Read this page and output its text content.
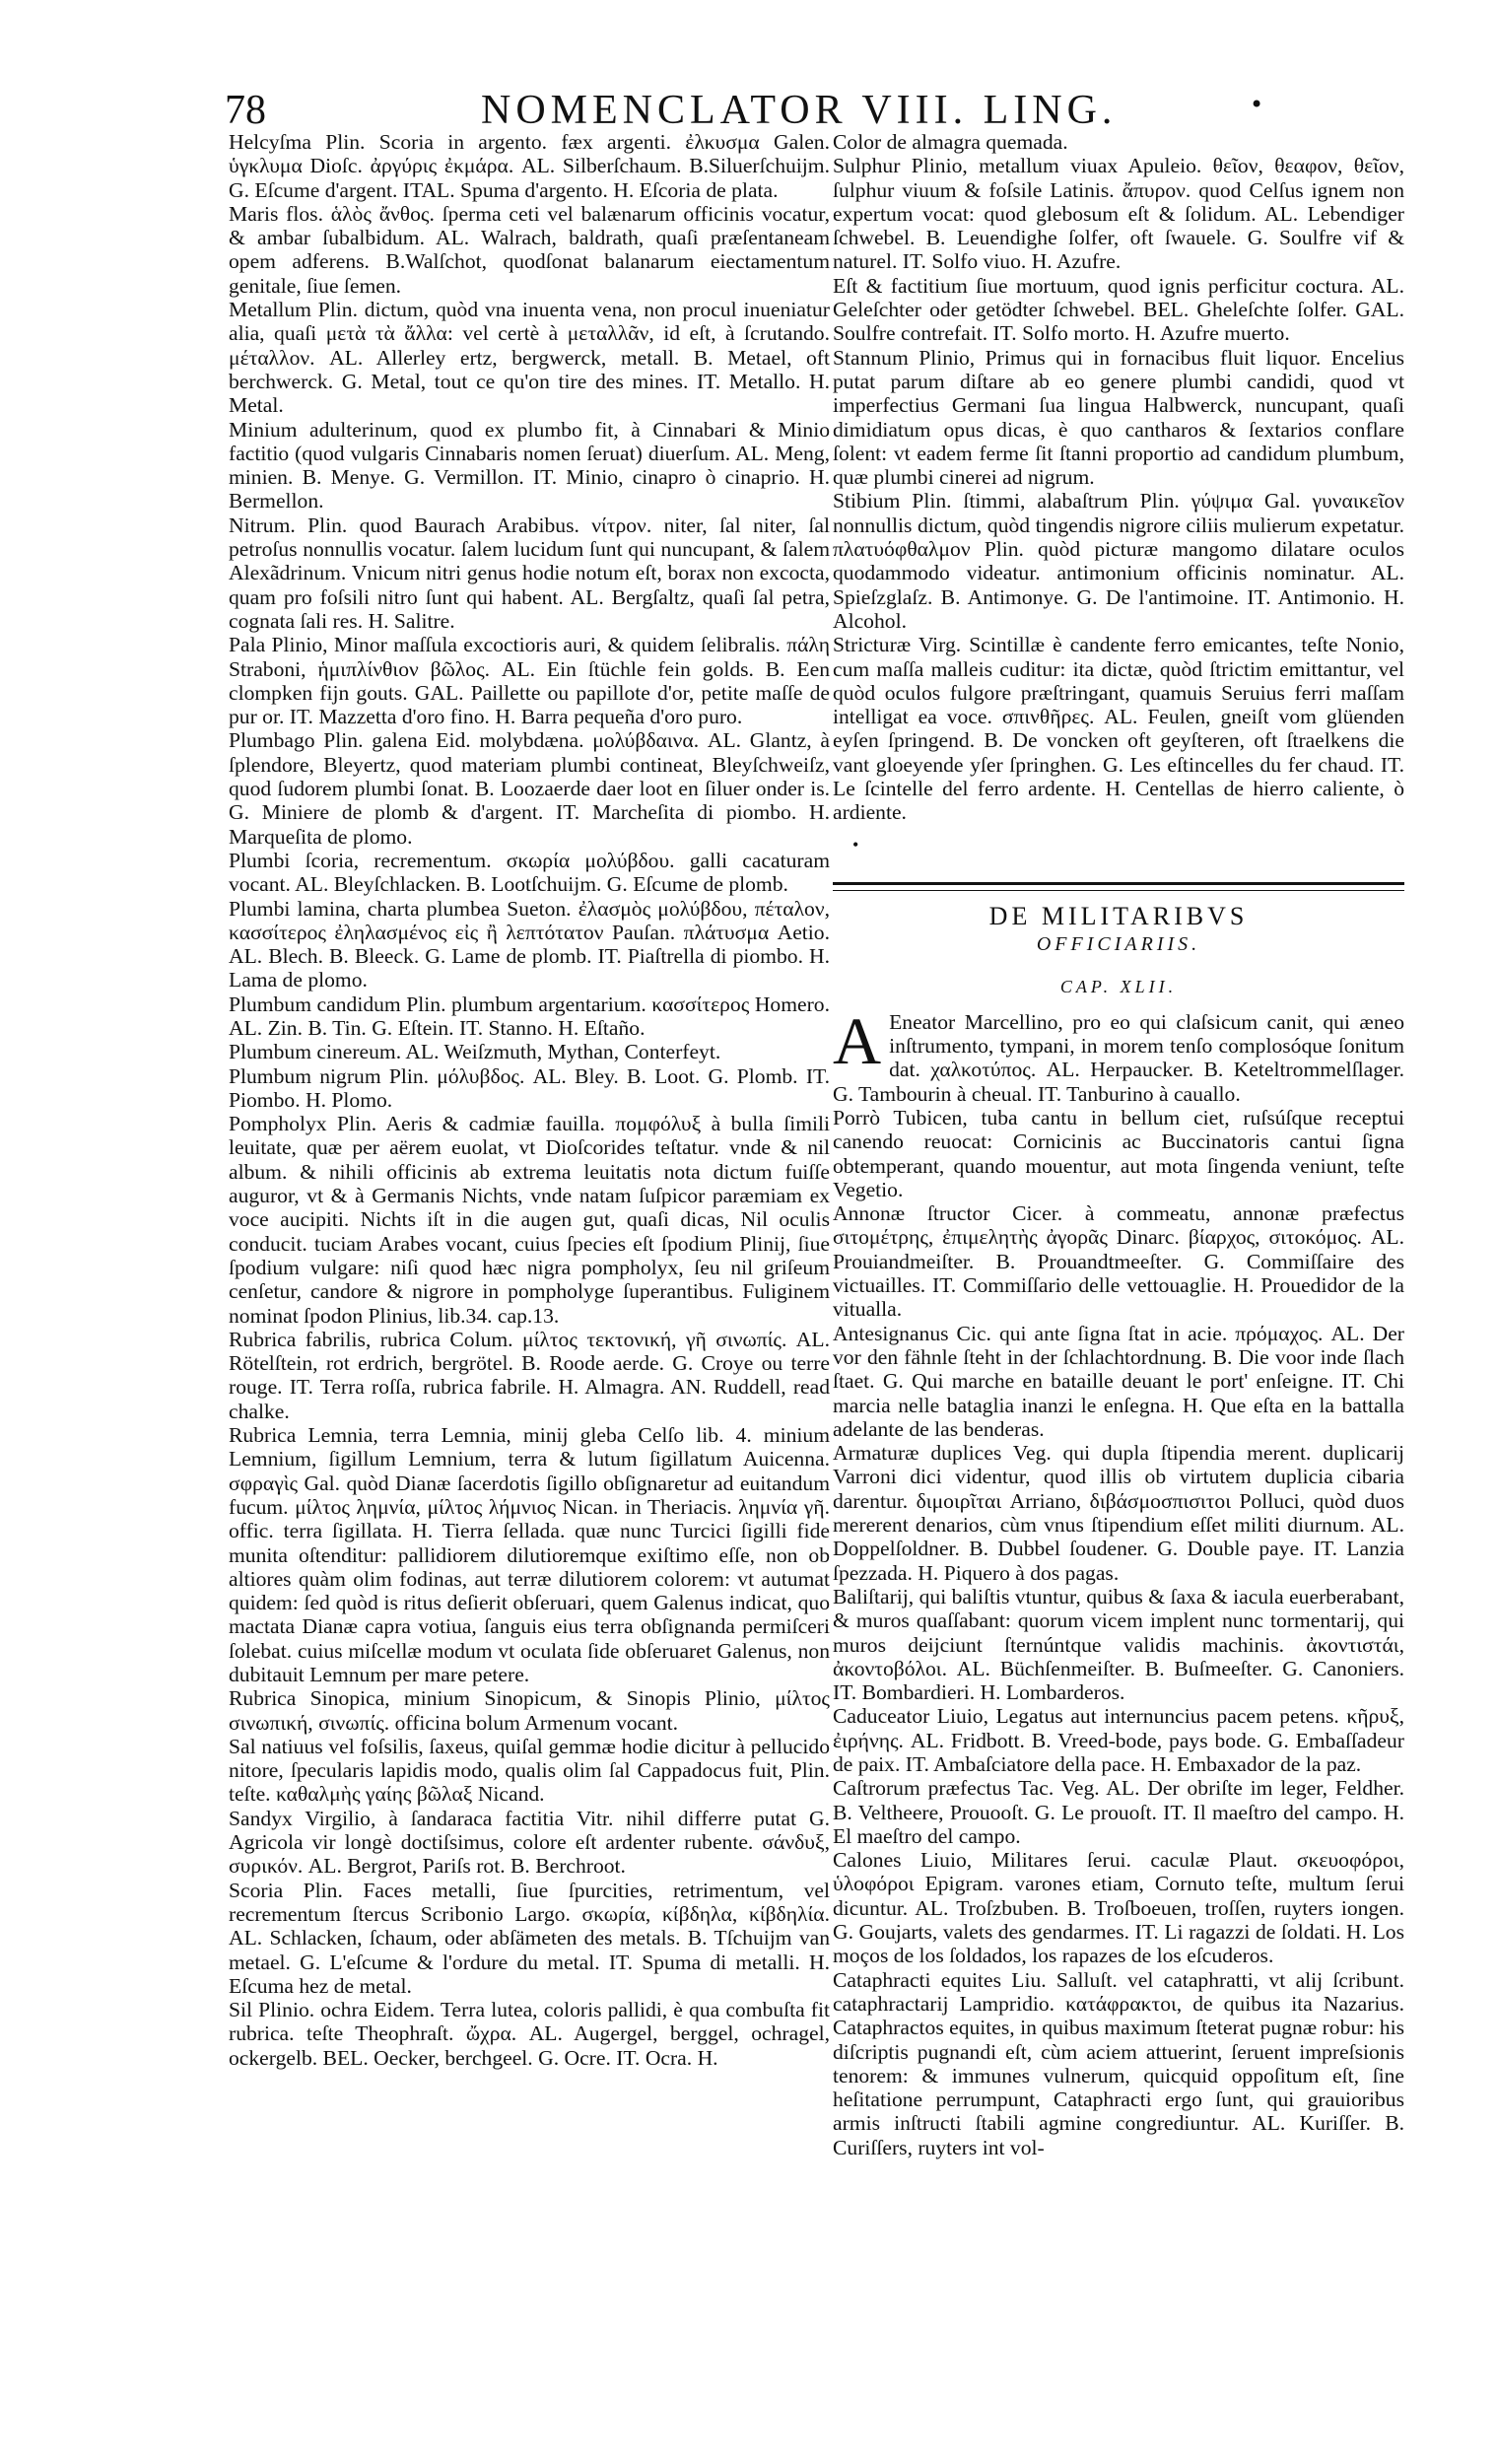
78	NOMENCLATOR VIII. LING.	•
Helcyſma Plin. Scoria in argento. fæx argenti. ἐλκυσμα Galen. ὑγκλυμα Dioſc. ἀργύρις ἐκμάρα. AL. Silberſchaum. B.Siluerſchuijm. G. Eſcume d'argent. ITAL. Spuma d'argento. H. Eſcoria de plata.
Maris flos. ἁλὸς ἄνθος. ſperma ceti vel balænarum officinis vocatur, & ambar ſubalbidum. AL. Walrach, baldrath, quaſi præſentaneam opem adferens. B.Walſchot, quodſonat balanarum eiectamentum genitale, ſiue ſemen.
Metallum Plin. dictum, quòd vna inuenta vena, non procul inueniatur alia, quaſi μετὰ τὰ ἄλλα: vel certè à μεταλλᾶν, id eſt, à ſcrutando. μέταλλον. AL. Allerley ertz, bergwerck, metall. B. Metael, oft berchwerck. G. Metal, tout ce qu'on tire des mines. IT. Metallo. H. Metal.
Minium adulterinum, quod ex plumbo fit, à Cinnabari & Minio factitio (quod vulgaris Cinnabaris nomen ſeruat) diuerſum. AL. Meng, minien. B. Menye. G. Vermillon. IT. Minio, cinapro ò cinaprio. H. Bermellon.
Nitrum. Plin. quod Baurach Arabibus. νίτρον. niter, ſal niter, ſal petroſus nonnullis vocatur. ſalem lucidum ſunt qui nuncupant, & ſalem Alexãdrinum. Vnicum nitri genus hodie notum eſt, borax non excocta, quam pro foſsili nitro ſunt qui habent. AL. Bergſaltz, quaſi ſal petra, cognata ſali res. H. Salitre.
Pala Plinio, Minor maſſula excoctioris auri, & quidem ſelibralis. πάλη Straboni, ἡμιπλίνθιον βῶλος. AL. Ein ſtüchle fein golds. B. Een clompken fijn gouts. GAL. Paillette ou papillote d'or, petite maſſe de pur or. IT. Mazzetta d'oro fino. H. Barra pequeña d'oro puro.
Plumbago Plin. galena Eid. molybdæna. μολύβδαινα. AL. Glantz, à ſplendore, Bleyertz, quod materiam plumbi contineat, Bleyſchweiſz, quod ſudorem plumbi ſonat. B. Loozaerde daer loot en ſiluer onder is. G. Miniere de plomb & d'argent. IT. Marcheſita di piombo. H. Marqueſita de plomo.
Plumbi ſcoria, recrementum. σκωρία μολύβδου. galli cacaturam vocant. AL. Bleyſchlacken. B. Lootſchuijm. G. Eſcume de plomb.
Plumbi lamina, charta plumbea Sueton. ἐλασμὸς μολύβδου, πέταλον, κασσίτερος ἐληλασμένος εἰς ἢ λεπτότατον Pauſan. πλάτυσμα Aetio. AL. Blech. B. Bleeck. G. Lame de plomb. IT. Piaſtrella di piombo. H. Lama de plomo.
Plumbum candidum Plin. plumbum argentarium. κασσίτερος Homero. AL. Zin. B. Tin. G. Eſtein. IT. Stanno. H. Eſtaño.
Plumbum cinereum. AL. Weiſzmuth, Mythan, Conterfeyt.
Plumbum nigrum Plin. μόλυβδος. AL. Bley. B. Loot. G. Plomb. IT. Piombo. H. Plomo.
Pompholyx Plin. Aeris & cadmiæ fauilla. πομφόλυξ à bulla ſimili leuitate, quæ per aërem euolat, vt Dioſcorides teſtatur. vnde & nil album. & nihili officinis ab extrema leuitatis nota dictum fuiſſe auguror, vt & à Germanis Nichts, vnde natam ſuſpicor paræmiam ex voce aucipiti. Nichts iſt in die augen gut, quaſi dicas, Nil oculis conducit. tuciam Arabes vocant, cuius ſpecies eſt ſpodium Plinij, ſiue ſpodium vulgare: niſi quod hæc nigra pompholyx, ſeu nil griſeum cenſetur, candore & nigrore in pompholyge ſuperantibus. Fuliginem nominat ſpodon Plinius, lib.34. cap.13.
Rubrica fabrilis, rubrica Colum. μίλτος τεκτονική, γῆ σινωπίς. AL. Rötelſtein, rot erdrich, bergrötel. B. Roode aerde. G. Croye ou terre rouge. IT. Terra roſſa, rubrica fabrile. H. Almagra. AN. Ruddell, read chalke.
Rubrica Lemnia, terra Lemnia, minij gleba Celſo lib. 4. minium Lemnium, ſigillum Lemnium, terra & lutum ſigillatum Auicenna. σφραγὶς Gal. quòd Dianæ ſacerdotis ſigillo obſignaretur ad euitandum fucum. μίλτος λημνία, μίλτος λήμνιος Nican. in Theriacis. λημνία γῆ. offic. terra ſigillata. H. Tierra ſellada. quæ nunc Turcici ſigilli fide munita oſtenditur: pallidiorem dilutioremque exiſtimo eſſe, non ob altiores quàm olim fodinas, aut terræ dilutiorem colorem: vt autumat quidem: ſed quòd is ritus deſierit obſeruari, quem Galenus indicat, quo mactata Dianæ capra votiua, ſanguis eius terra obſignanda permiſceri ſolebat. cuius miſcellæ modum vt oculata ſide obſeruaret Galenus, non dubitauit Lemnum per mare petere.
Rubrica Sinopica, minium Sinopicum, & Sinopis Plinio, μίλτος σινωπική, σινωπίς. officina bolum Armenum vocant.
Sal natiuus vel foſsilis, ſaxeus, quiſal gemmæ hodie dicitur à pellucido nitore, ſpecularis lapidis modo, qualis olim ſal Cappadocus fuit, Plin. teſte. καθαλμὴς γαίης βῶλαξ Nicand.
Sandyx Virgilio, à ſandaraca factitia Vitr. nihil differre putat G. Agricola vir longè doctiſsimus, colore eſt ardenter rubente. σάνδυξ, συρικόν. AL. Bergrot, Pariſs rot. B. Berchroot.
Scoria Plin. Faces metalli, ſiue ſpurcities, retrimentum, vel recrementum ſtercus Scribonio Largo. σκωρία, κίβδηλα, κίβδηλία. AL. Schlacken, ſchaum, oder abſämeten des metals. B. Tſchuijm van metael. G. L'eſcume & l'ordure du metal. IT. Spuma di metalli. H. Eſcuma hez de metal.
Sil Plinio. ochra Eidem. Terra lutea, coloris pallidi, è qua combuſta fit rubrica. teſte Theophraſt. ὤχρα. AL. Augergel, berggel, ochragel, ockergelb. BEL. Oecker, berchgeel. G. Ocre. IT. Ocra. H.
Color de almagra quemada.
Sulphur Plinio, metallum viuax Apuleio. θεῖον, θεαφον, θεῖον, ſulphur viuum & foſsile Latinis. ἄπυρον. quod Celſus ignem non expertum vocat: quod glebosum eſt & ſolidum. AL. Lebendiger ſchwebel. B. Leuendighe ſolfer, oft ſwauele. G. Soulfre vif & naturel. IT. Solfo viuo. H. Azufre.
Eſt & factitium ſiue mortuum, quod ignis perficitur coctura. AL. Geleſchter oder getödter ſchwebel. BEL. Gheleſchte ſolfer. GAL. Soulfre contrefait. IT. Solfo morto. H. Azufre muerto.
Stannum Plinio, Primus qui in fornacibus fluit liquor. Encelius putat parum diſtare ab eo genere plumbi candidi, quod vt imperfectius Germani ſua lingua Halbwerck, nuncupant, quaſi dimidiatum opus dicas, è quo cantharos & ſextarios conflare ſolent: vt eadem ferme ſit ſtanni proportio ad candidum plumbum, quæ plumbi cinerei ad nigrum.
Stibium Plin. ſtimmi, alabaſtrum Plin. γύψιμα Gal. γυναικεῖον nonnullis dictum, quòd tingendis nigrore ciliis mulierum expetatur. πλατυόφθαλμον Plin. quòd picturæ mangomo dilatare oculos quodammodo videatur. antimonium officinis nominatur. AL. Spieſzglaſz. B. Antimonye. G. De l'antimoine. IT. Antimonio. H. Alcohol.
Stricturæ Virg. Scintillæ è candente ferro emicantes, teſte Nonio, cum maſſa malleis cuditur: ita dictæ, quòd ſtrictim emittantur, vel quòd oculos fulgore præſtringant, quamuis Seruius ferri maſſam intelligat ea voce. σπινθῆρες. AL. Feulen, gneiſt vom glüenden eyſen ſpringend. B. De voncken oft geyſteren, oft ſtraelkens die vant gloeyende yſer ſpringhen. G. Les eſtincelles du fer chaud. IT. Le ſcintelle del ferro ardente. H. Centellas de hierro caliente, ò ardiente.
•
DE MILITARIBVS
OFFICIARIIS.
CAP. XLII.
A Eneator Marcellino, pro eo qui claſsicum canit, qui æneo inſtrumento, tympani, in morem tenſo complosóque ſonitum dat. χαλκοτύπος. AL. Herpaucker. B. Keteltrommelſlager. G. Tambourin à cheual. IT. Tanburino à cauallo.
Porrò Tubicen, tuba cantu in bellum ciet, ruſsúſque receptui canendo reuocat: Cornicinis ac Buccinatoris cantui ſigna obtemperant, quando mouentur, aut mota ſingenda veniunt, teſte Vegetio.
Annonæ ſtructor Cicer. à commeatu, annonæ præfectus σιτομέτρης, ἐπιμελητὴς ἀγορᾶς Dinarc. βίαρχος, σιτοκόμος. AL. Prouiandmeiſter. B. Prouandtmeeſter. G. Commiſſaire des victuailles. IT. Commiſſario delle vettouaglie. H. Prouedidor de la vitualla.
Antesignanus Cic. qui ante ſigna ſtat in acie. πρόμαχος. AL. Der vor den fähnle ſteht in der ſchlachtordnung. B. Die voor inde ſlach ſtaet. G. Qui marche en bataille deuant le port' enſeigne. IT. Chi marcia nelle bataglia inanzi le enſegna. H. Que eſta en la battalla adelante de las benderas.
Armaturæ duplices Veg. qui dupla ſtipendia merent. duplicarij Varroni dici videntur, quod illis ob virtutem duplicia cibaria darentur. διμοιρῖται Arriano, διβάσμοσπισιτοι Polluci, quòd duos mererent denarios, cùm vnus ſtipendium eſſet militi diurnum. AL. Doppelſoldner. B. Dubbel ſoudener. G. Double paye. IT. Lanzia ſpezzada. H. Piquero à dos pagas.
Baliſtarij, qui baliſtis vtuntur, quibus & ſaxa & iacula euerberabant, & muros quaſſabant: quorum vicem implent nunc tormentarij, qui muros deijciunt ſternúntque validis machinis. ἀκοντιστάι, ἀκοντοβόλοι. AL. Büchſenmeiſter. B. Buſmeeſter. G. Canoniers. IT. Bombardieri. H. Lombarderos.
Caduceator Liuio, Legatus aut internuncius pacem petens. κῆρυξ, ἐιρήνης. AL. Fridbott. B. Vreed-bode, pays bode. G. Embaſſadeur de paix. IT. Ambaſciatore della pace. H. Embaxador de la paz.
Caſtrorum præfectus Tac. Veg. AL. Der obriſte im leger, Feldher. B. Veltheere, Prouooſt. G. Le prouoſt. IT. Il maeſtro del campo. H. El maeſtro del campo.
Calones Liuio, Militares ſerui. caculæ Plaut. σκευοφόροι, ὑλοφόροι Epigram. varones etiam, Cornuto teſte, multum ſerui dicuntur. AL. Troſzbuben. B. Troſboeuen, troſſen, ruyters iongen. G. Goujarts, valets des gendarmes. IT. Li ragazzi de ſoldati. H. Los moços de los ſoldados, los rapazes de los eſcuderos.
Cataphracti equites Liu. Salluſt. vel cataphratti, vt alij ſcribunt. cataphractarij Lampridio. κατάφρακτοι, de quibus ita Nazarius. Cataphractos equites, in quibus maximum ſteterat pugnæ robur: his diſcriptis pugnandi eſt, cùm aciem attuerint, ſeruent impreſsionis tenorem: & immunes vulnerum, quicquid oppoſitum eſt, ſine heſitatione perrumpunt, Cataphracti ergo ſunt, qui grauioribus armis inſtructi ſtabili agmine congrediuntur. AL. Kuriſſer. B. Curiſſers, ruyters int vol-
